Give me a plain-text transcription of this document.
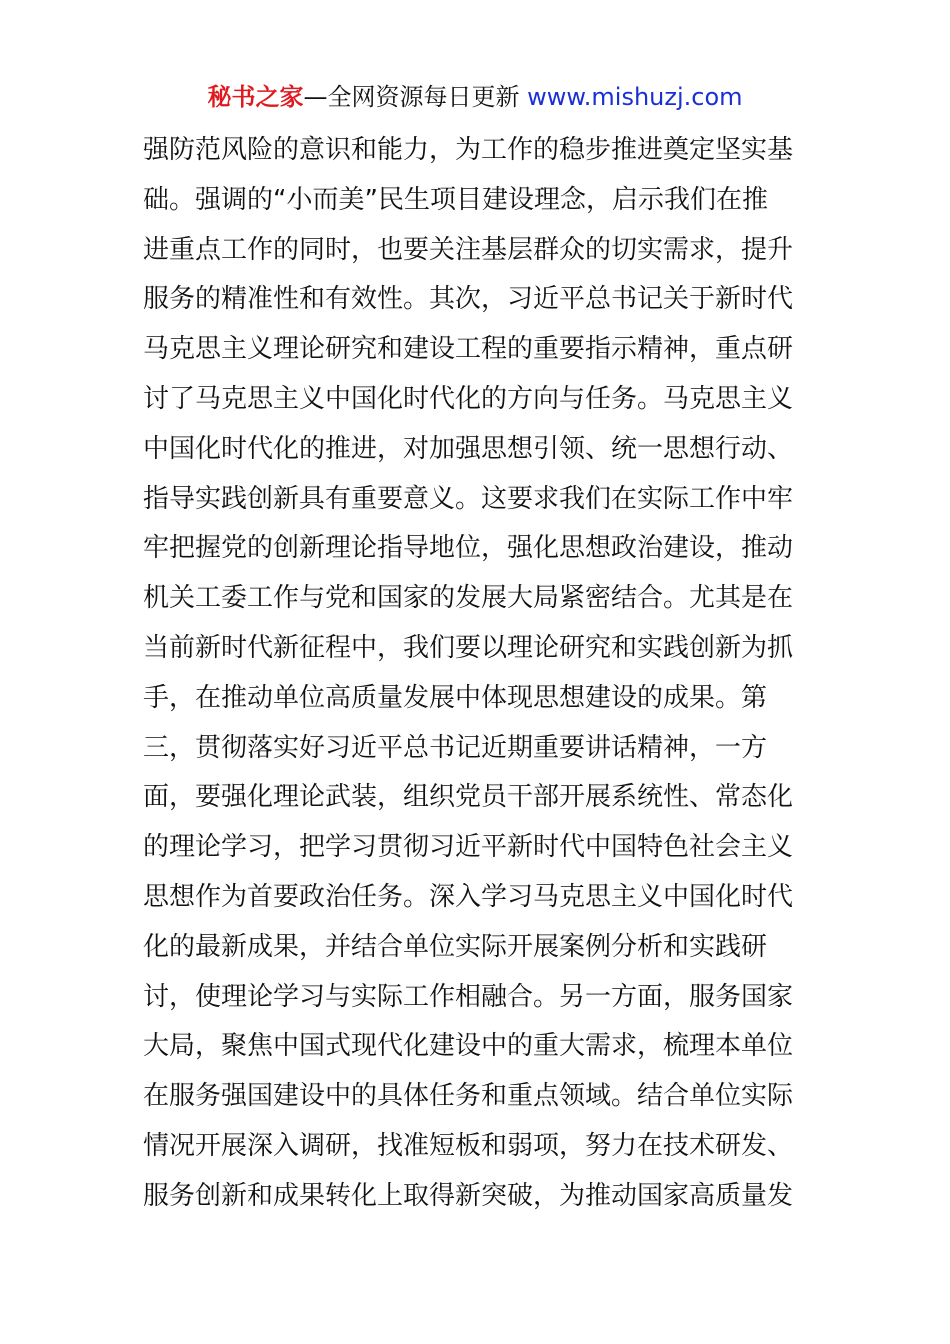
秘书之家—全网资源每日更新 www.mishuzj.com
强防范风险的意识和能力，为工作的稳步推进奠定坚实基
础。强调的“小而美”民生项目建设理念，启示我们在推
进重点工作的同时，也要关注基层群众的切实需求，提升
服务的精准性和有效性。其次，习近平总书记关于新时代
马克思主义理论研究和建设工程的重要指示精神，重点研
讨了马克思主义中国化时代化的方向与任务。马克思主义
中国化时代化的推进，对加强思想引领、统一思想行动、
指导实践创新具有重要意义。这要求我们在实际工作中牢
牢把握党的创新理论指导地位，强化思想政治建设，推动
机关工委工作与党和国家的发展大局紧密结合。尤其是在
当前新时代新征程中，我们要以理论研究和实践创新为抓
手，在推动单位高质量发展中体现思想建设的成果。第
三，贯彻落实好习近平总书记近期重要讲话精神，一方
面，要强化理论武装，组织党员干部开展系统性、常态化
的理论学习，把学习贯彻习近平新时代中国特色社会主义
思想作为首要政治任务。深入学习马克思主义中国化时代
化的最新成果，并结合单位实际开展案例分析和实践研
讨，使理论学习与实际工作相融合。另一方面，服务国家
大局，聚焦中国式现代化建设中的重大需求，梳理本单位
在服务强国建设中的具体任务和重点领域。结合单位实际
情况开展深入调研，找准短板和弱项，努力在技术研发、
服务创新和成果转化上取得新突破，为推动国家高质量发
